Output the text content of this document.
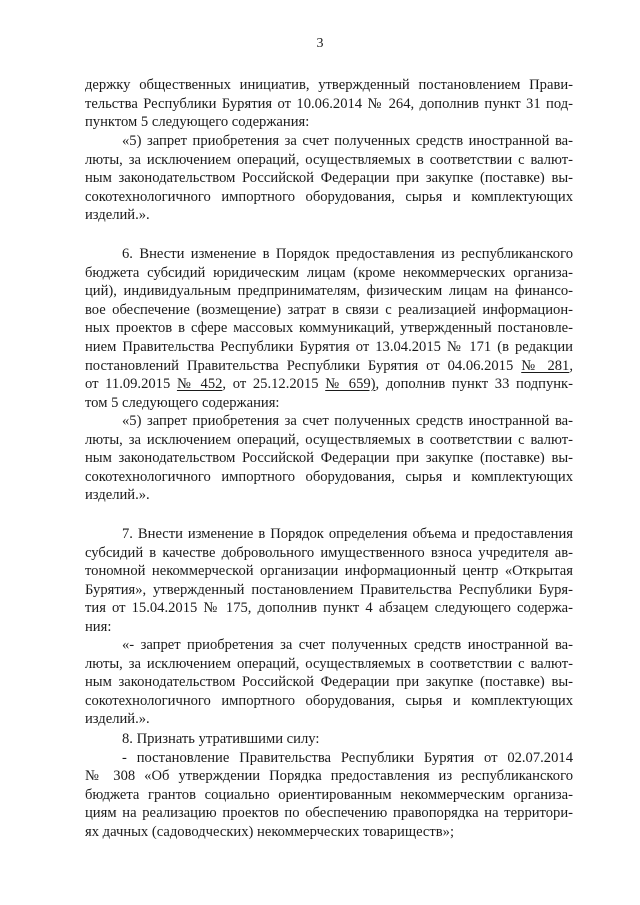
3
держку общественных инициатив, утвержденный постановлением Прави-
тельства Республики Бурятия от 10.06.2014 № 264, дополнив пункт 31 под-
пунктом 5 следующего содержания:
«5) запрет приобретения за счет полученных средств иностранной ва-
люты, за исключением операций, осуществляемых в соответствии с валют-
ным законодательством Российской Федерации при закупке (поставке) вы-
сокотехнологичного импортного оборудования, сырья и комплектующих
изделий.».
6. Внести изменение в Порядок предоставления из республиканского
бюджета субсидий юридическим лицам (кроме некоммерческих организа-
ций), индивидуальным предпринимателям, физическим лицам на финансо-
вое обеспечение (возмещение) затрат в связи с реализацией информацион-
ных проектов в сфере массовых коммуникаций, утвержденный постановле-
нием Правительства Республики Бурятия от 13.04.2015 № 171 (в редакции
постановлений Правительства Республики Бурятия от 04.06.2015 № 281,
от 11.09.2015 № 452, от 25.12.2015 № 659), дополнив пункт 33 подпунк-
том 5 следующего содержания:
«5) запрет приобретения за счет полученных средств иностранной ва-
люты, за исключением операций, осуществляемых в соответствии с валют-
ным законодательством Российской Федерации при закупке (поставке) вы-
сокотехнологичного импортного оборудования, сырья и комплектующих
изделий.».
7. Внести изменение в Порядок определения объема и предоставления
субсидий в качестве добровольного имущественного взноса учредителя ав-
тономной некоммерческой организации информационный центр «Открытая
Бурятия», утвержденный постановлением Правительства Республики Буря-
тия от 15.04.2015 № 175, дополнив пункт 4 абзацем следующего содержа-
ния:
«- запрет приобретения за счет полученных средств иностранной ва-
люты, за исключением операций, осуществляемых в соответствии с валют-
ным законодательством Российской Федерации при закупке (поставке) вы-
сокотехнологичного импортного оборудования, сырья и комплектующих
изделий.».
8. Признать утратившими силу:
- постановление Правительства Республики Бурятия от 02.07.2014
№ 308 «Об утверждении Порядка предоставления из республиканского
бюджета грантов социально ориентированным некоммерческим организа-
циям на реализацию проектов по обеспечению правопорядка на территори-
ях дачных (садоводческих) некоммерческих товариществ»;
